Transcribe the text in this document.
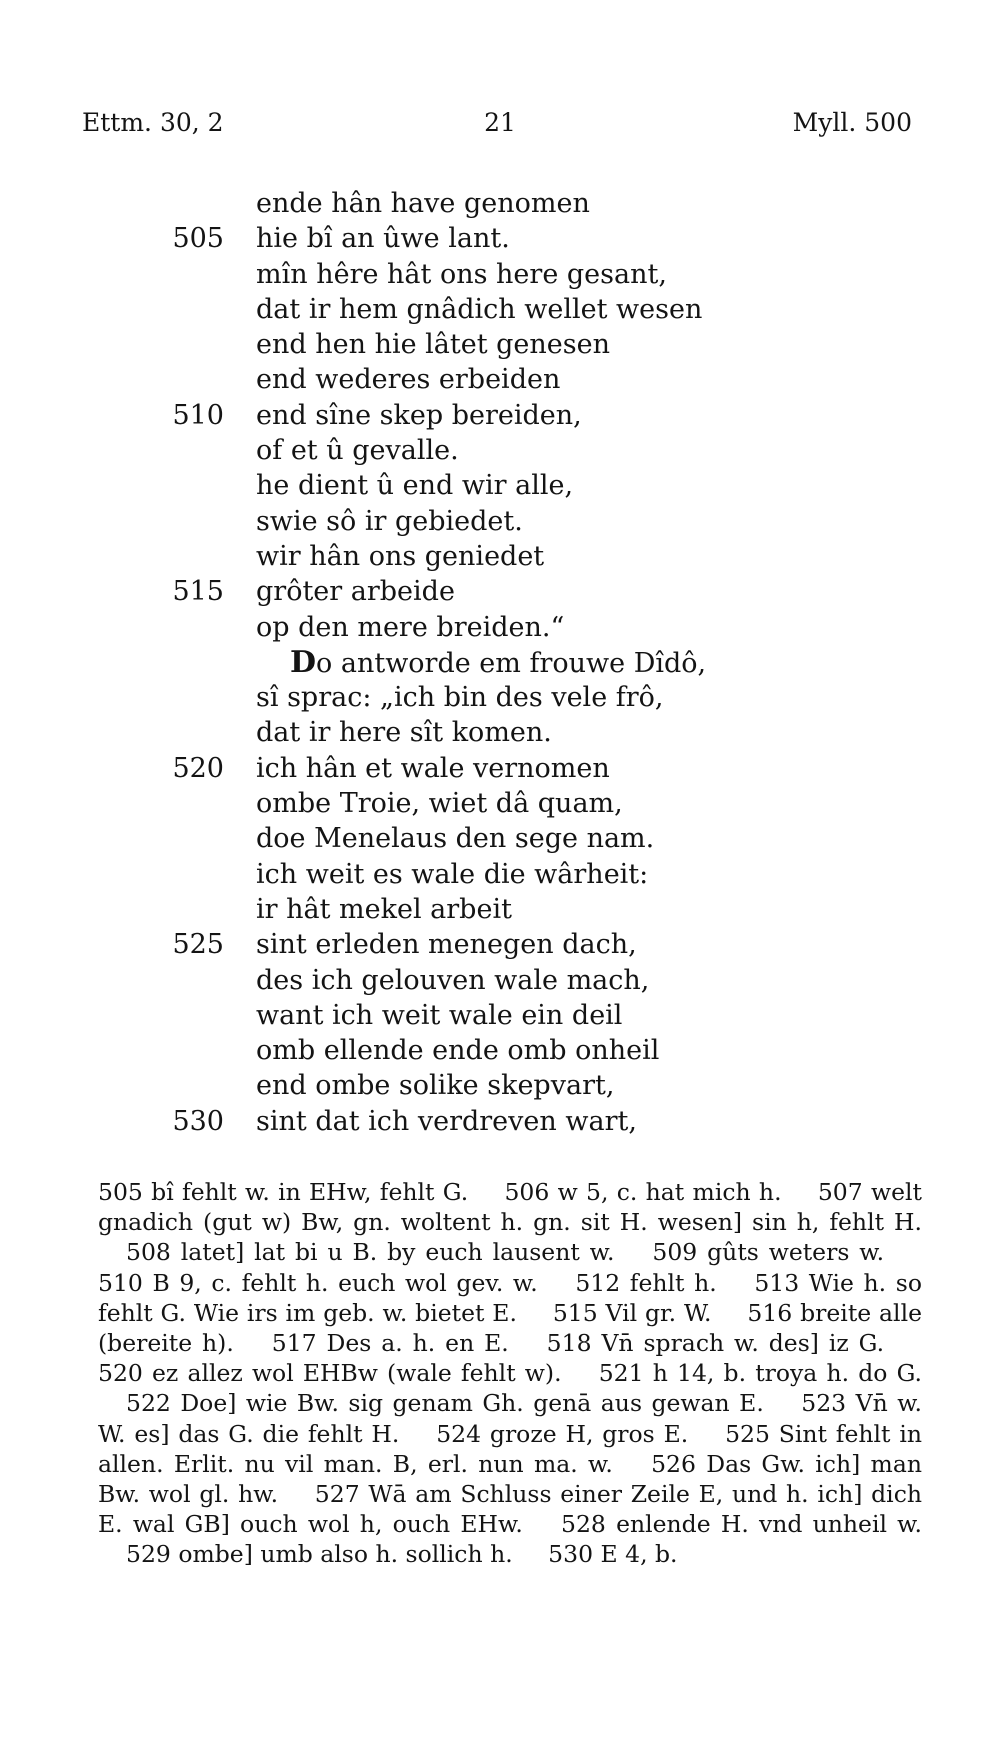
Ettm. 30, 2	21	Myll. 500
ende hân have genomen
505 hie bî an ûwe lant.
mîn hêre hât ons here gesant,
dat ir hem gnâdich wellet wesen
end hen hie lâtet genesen
end wederes erbeiden
510 end sîne skep bereiden,
of et û gevalle.
he dient û end wir alle,
swie sô ir gebiedet.
wir hân ons geniedet
515 grôter arbeide
op den mere breiden.“
Do antworde em frouwe Dîdô,
sî sprac: „ich bin des vele frô,
dat ir here sît komen.
520 ich hân et wale vernomen
ombe Troie, wiet dâ quam,
doe Menelaus den sege nam.
ich weit es wale die wârheit:
ir hât mekel arbeit
525 sint erleden menegen dach,
des ich gelouven wale mach,
want ich weit wale ein deil
omb ellende ende omb onheil
end ombe solike skepvart,
530 sint dat ich verdreven wart,

505 bî fehlt w. in EHw, fehlt G. 506 w 5, c. hat mich h. 507 welt gnadich (gut w) Bw, gn. woltent h. gn. sit H. wesen] sin h, fehlt H. 508 latet] lat bi u B. by euch lausent w. 509 gûts weters w. 510 B 9, c. fehlt h. euch wol gev. w. 512 fehlt h. 513 Wie h. so fehlt G. Wie irs im geb. w. bietet E. 515 Vil gr. W. 516 breite alle (bereite h). 517 Des a. h. en E. 518 Vn̄ sprach w. des] iz G. 520 ez allez wol EHBw (wale fehlt w). 521 h 14, b. troya h. do G. 522 Doe] wie Bw. sig genam Gh. genā aus gewan E. 523 Vn̄ w. W. es] das G. die fehlt H. 524 groze H, gros E. 525 Sint fehlt in allen. Erlit. nu vil man. B, erl. nun ma. w. 526 Das Gw. ich] man Bw. wol gl. hw. 527 Wā am Schluss einer Zeile E, und h. ich] dich E. wal GB] ouch wol h, ouch EHw. 528 enlende H. vnd unheil w. 529 ombe] umb also h. sollich h. 530 E 4, b.
